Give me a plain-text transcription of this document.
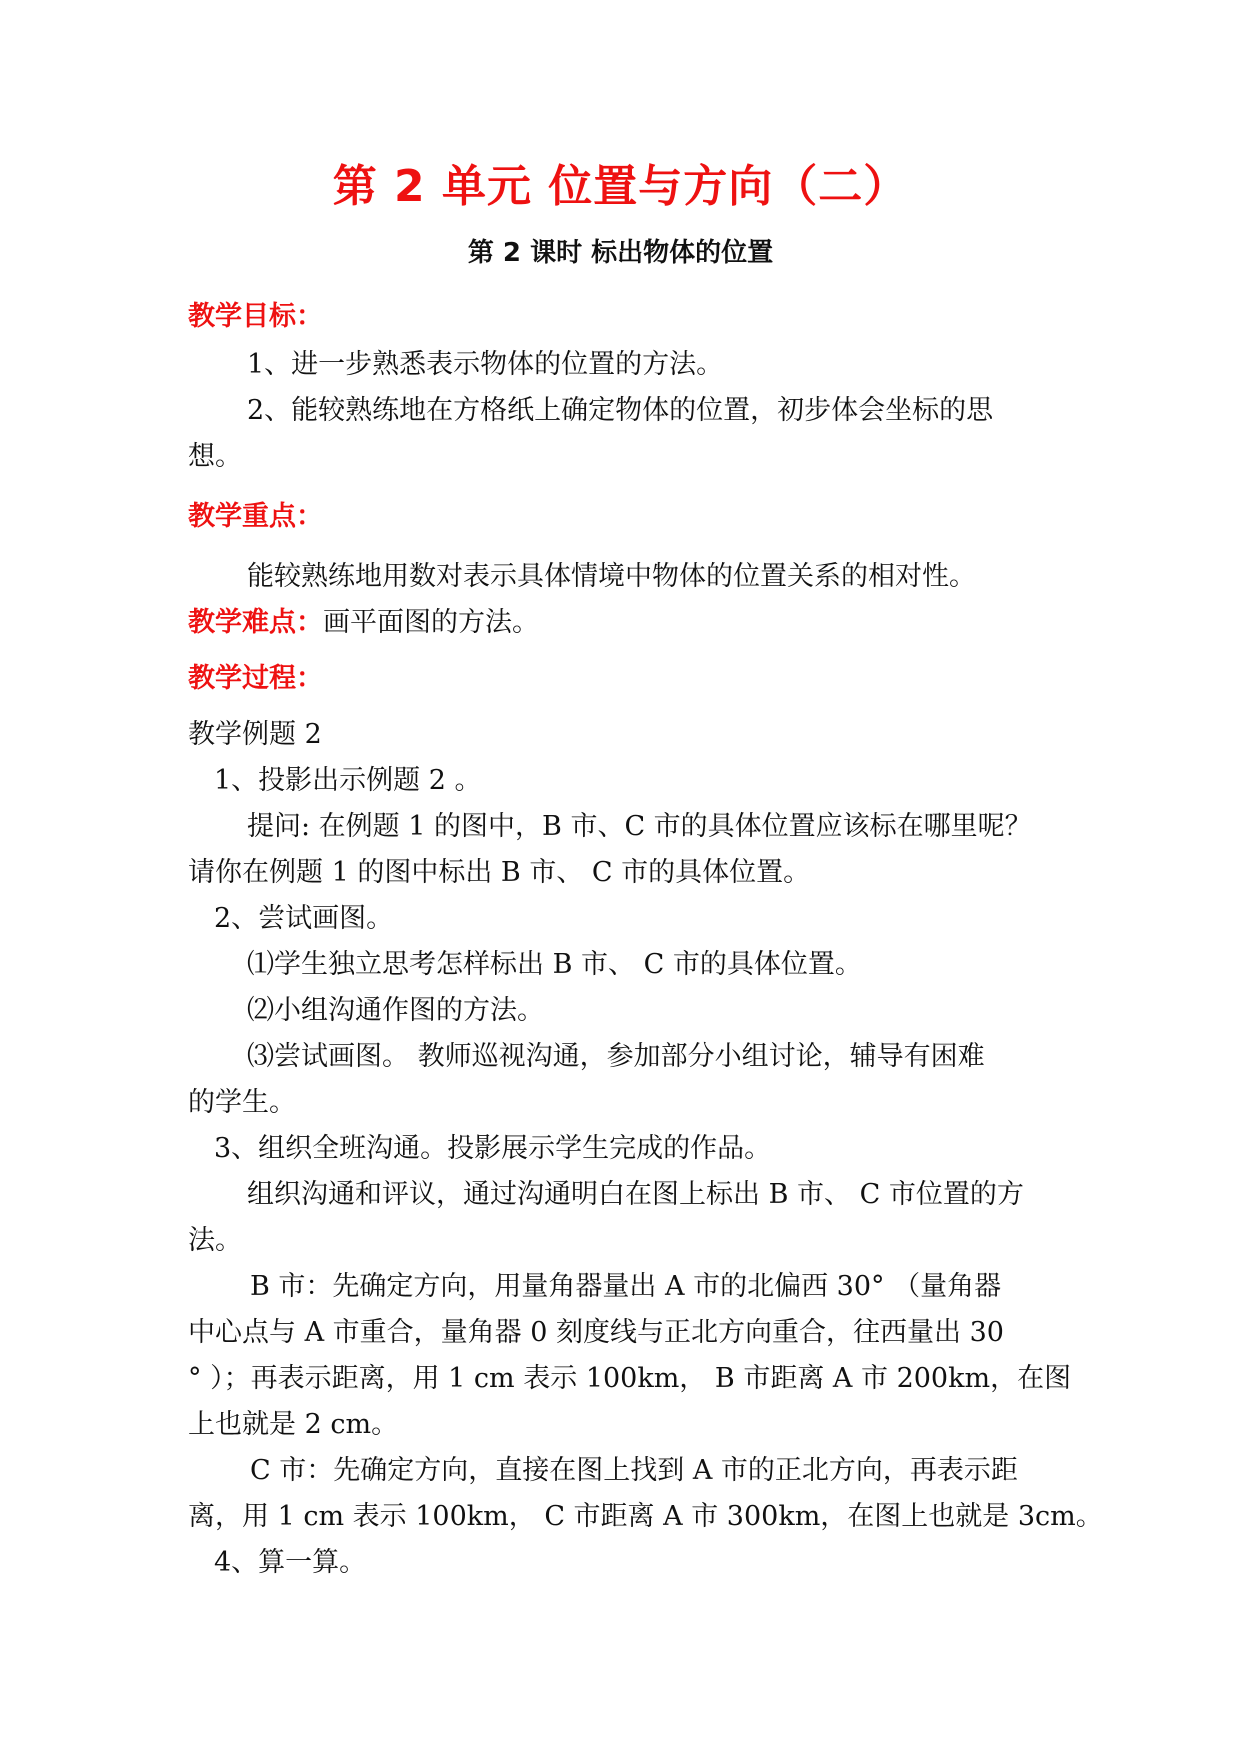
第 2 单元 位置与方向（二）
第 2 课时 标出物体的位置
教学目标：
1、进一步熟悉表示物体的位置的方法。
2、能较熟练地在方格纸上确定物体的位置，初步体会坐标的思
想。
教学重点：
能较熟练地用数对表示具体情境中物体的位置关系的相对性。
教学难点：画平面图的方法。
教学过程：
教学例题 2
1、投影出示例题 2 。
提问: 在例题 1 的图中，B 市、C 市的具体位置应该标在哪里呢？
请你在例题 1 的图中标出 B 市、 C 市的具体位置。
2、尝试画图。
⑴学生独立思考怎样标出 B 市、 C 市的具体位置。
⑵小组沟通作图的方法。
⑶尝试画图。 教师巡视沟通，参加部分小组讨论，辅导有困难
的学生。
3、组织全班沟通。投影展示学生完成的作品。
组织沟通和评议，通过沟通明白在图上标出 B 市、 C 市位置的方
法。
B 市：先确定方向，用量角器量出 A 市的北偏西 30° （量角器
中心点与 A 市重合，量角器 0 刻度线与正北方向重合，往西量出 30
° ）；再表示距离，用 1 cm 表示 100km， B 市距离 A 市 200km，在图
上也就是 2 cm。
C 市：先确定方向，直接在图上找到 A 市的正北方向，再表示距
离，用 1 cm 表示 100km， C 市距离 A 市 300km，在图上也就是 3cm。
4、算一算。
